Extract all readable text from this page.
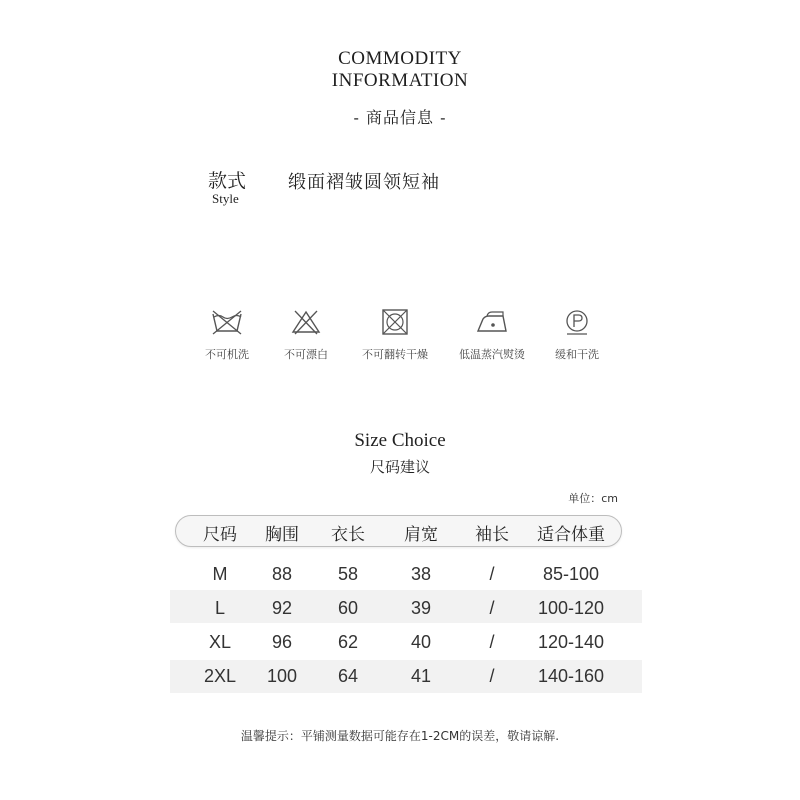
COMMODITY
INFORMATION
- 商品信息 -
款式
Style
缎面褶皱圆领短袖
不可机洗	不可漂白	不可翻转干燥	低温蒸汽熨烫	缓和干洗
Size Choice
尺码建议
单位：cm
尺码	胸围	衣长	肩宽	袖长	适合体重
M	88	58	38	/	85-100
L	92	60	39	/	100-120
XL	96	62	40	/	120-140
2XL	100	64	41	/	140-160
温馨提示：平铺测量数据可能存在1-2CM的误差，敬请谅解.
